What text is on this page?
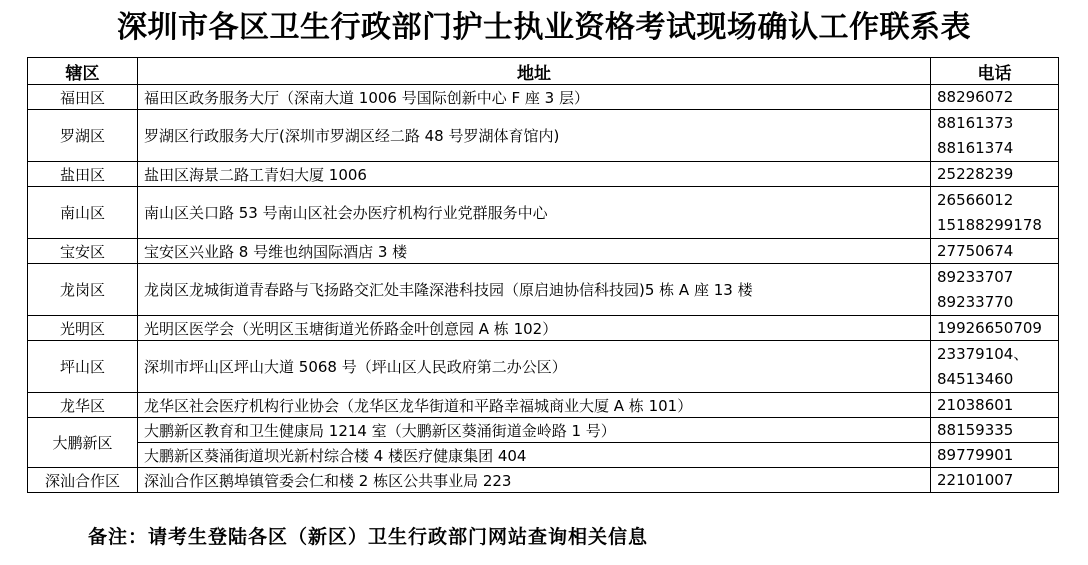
深圳市各区卫生行政部门护士执业资格考试现场确认工作联系表
辖区	地址	电话
福田区	福田区政务服务大厅（深南大道 1006 号国际创新中心 F 座 3 层）	88296072

罗湖区	罗湖区行政服务大厅(深圳市罗湖区经二路 48 号罗湖体育馆内)	88161373
88161374

盐田区	盐田区海景二路工青妇大厦 1006	25228239

南山区	南山区关口路 53 号南山区社会办医疗机构行业党群服务中心	26566012
15188299178

宝安区	宝安区兴业路 8 号维也纳国际酒店 3 楼	27750674

龙岗区	龙岗区龙城街道青春路与飞扬路交汇处丰隆深港科技园（原启迪协信科技园)5 栋 A 座 13 楼	89233707
89233770

光明区	光明区医学会（光明区玉塘街道光侨路金叶创意园 A 栋 102）	19926650709

坪山区	深圳市坪山区坪山大道 5068 号（坪山区人民政府第二办公区）	23379104、
84513460

龙华区	龙华区社会医疗机构行业协会（龙华区龙华街道和平路幸福城商业大厦 A 栋 101）	21038601

大鹏新区	大鹏新区教育和卫生健康局 1214 室（大鹏新区葵涌街道金岭路 1 号）	88159335

	大鹏新区葵涌街道坝光新村综合楼 4 楼医疗健康集团 404	89779901

深汕合作区	深汕合作区鹅埠镇管委会仁和楼 2 栋区公共事业局 223	22101007
备注：请考生登陆各区（新区）卫生行政部门网站查询相关信息
